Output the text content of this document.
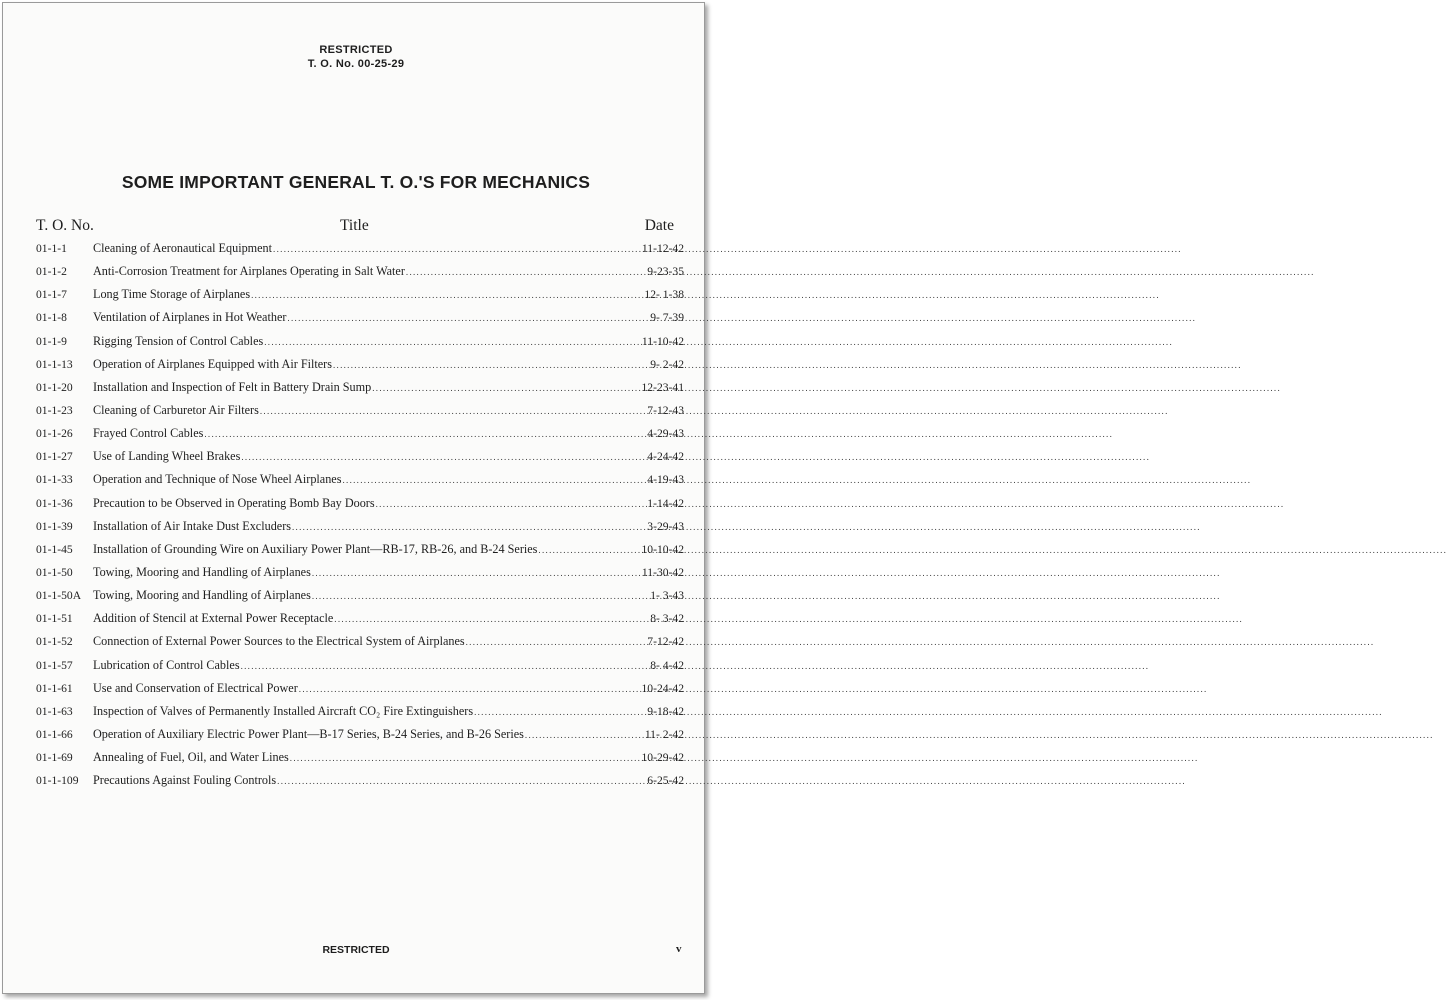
RESTRICTED
T. O. No. 00-25-29
SOME IMPORTANT GENERAL T. O.'S FOR MECHANICS
T. O. No.	Title	Date
01-1-1	Cleaning of Aeronautical Equipment .....	11-12-42
01-1-2	Anti-Corrosion Treatment for Airplanes Operating in Salt Water .....	9-23-35
01-1-7	Long Time Storage of Airplanes .....	12- 1-38
01-1-8	Ventilation of Airplanes in Hot Weather .....	9- 7-39
01-1-9	Rigging Tension of Control Cables .....	11-10-42
01-1-13	Operation of Airplanes Equipped with Air Filters .....	9- 2-42
01-1-20	Installation and Inspection of Felt in Battery Drain Sump .....	12-23-41
01-1-23	Cleaning of Carburetor Air Filters .....	7-12-43
01-1-26	Frayed Control Cables .....	4-29-43
01-1-27	Use of Landing Wheel Brakes .....	4-24-42
01-1-33	Operation and Technique of Nose Wheel Airplanes .....	4-19-43
01-1-36	Precaution to be Observed in Operating Bomb Bay Doors .....	1-14-42
01-1-39	Installation of Air Intake Dust Excluders .....	3-29-43
01-1-45	Installation of Grounding Wire on Auxiliary Power Plant—RB-17, RB-26, and B-24 Series .....	10-10-42
01-1-50	Towing, Mooring and Handling of Airplanes .....	11-30-42
01-1-50A Towing, Mooring and Handling of Airplanes .....	1- 3-43
01-1-51	Addition of Stencil at External Power Receptacle .....	8- 3-42
01-1-52	Connection of External Power Sources to the Electrical System of Airplanes .....	7-12-42
01-1-57	Lubrication of Control Cables .....	8- 4-42
01-1-61	Use and Conservation of Electrical Power .....	10-24-42
01-1-63	Inspection of Valves of Permanently Installed Aircraft CO₂ Fire Extinguishers .....	9-18-42
01-1-66	Operation of Auxiliary Electric Power Plant—B-17 Series, B-24 Series, and B-26 Series .....	11- 2-42
01-1-69	Annealing of Fuel, Oil, and Water Lines .....	10-29-42
01-1-109	Precautions Against Fouling Controls .....	6-25-42
RESTRICTED	v
